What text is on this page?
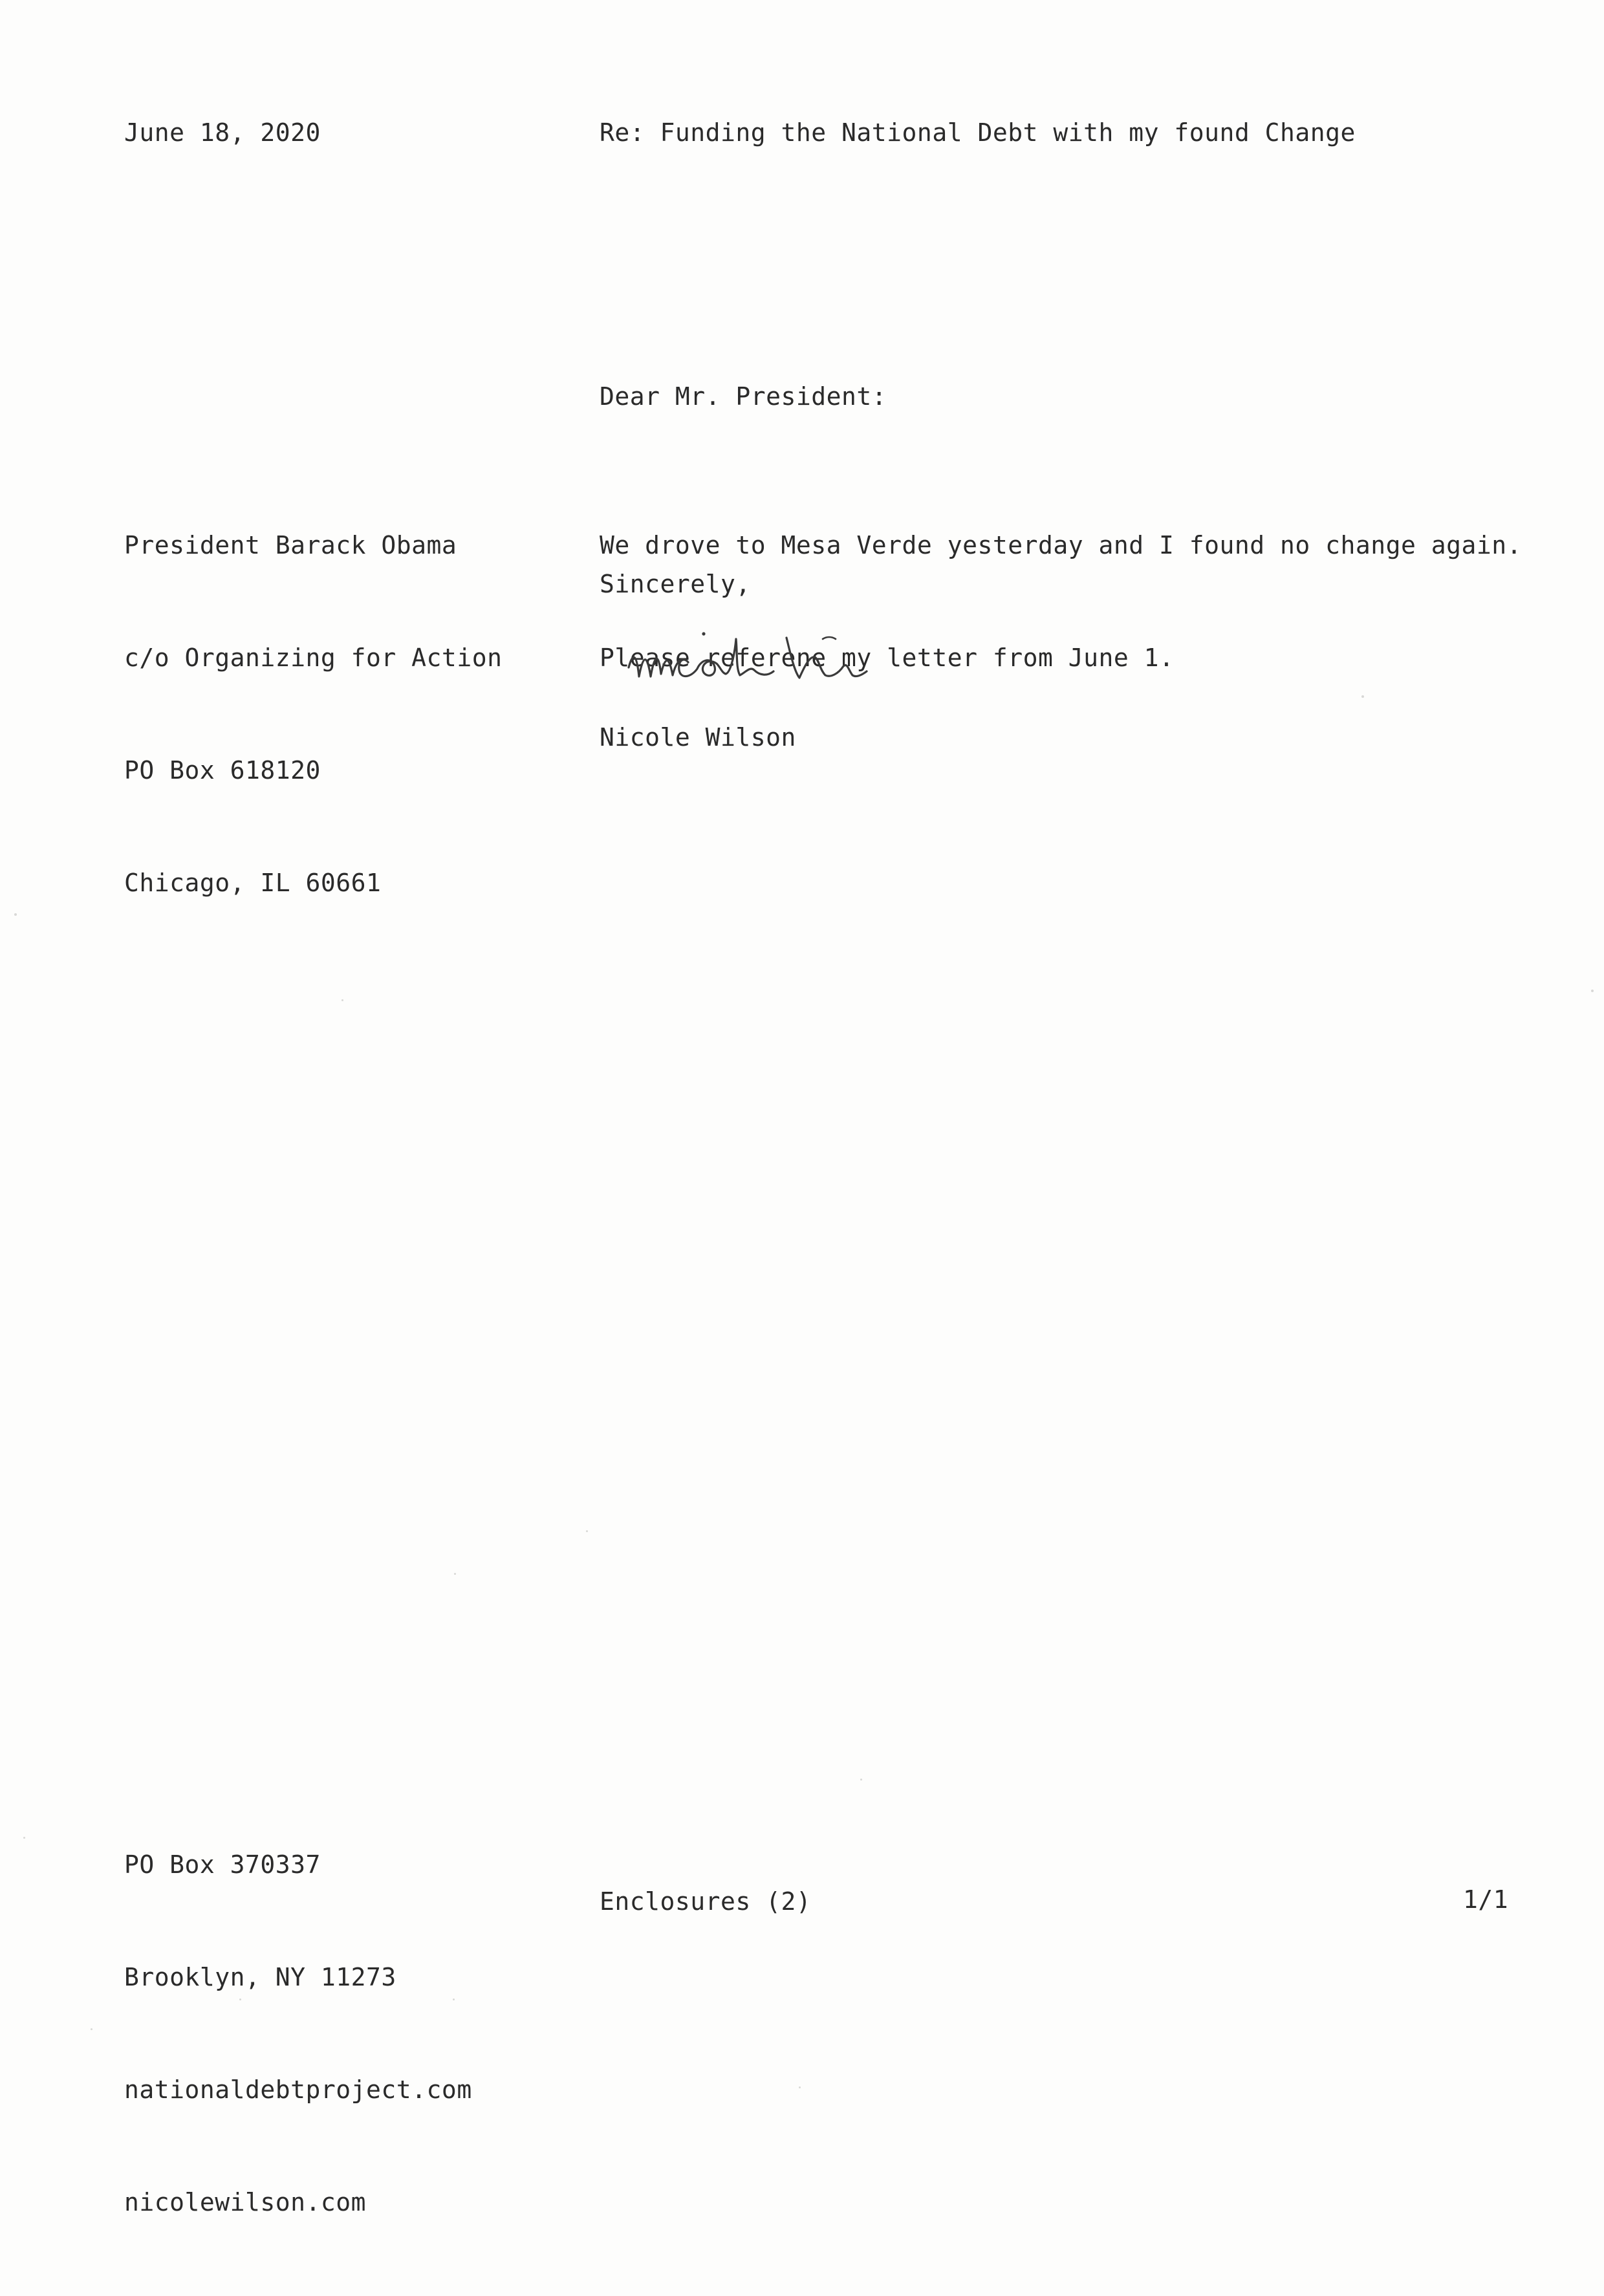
June 18, 2020	Re: Funding the National Debt with my found Change
Dear Mr. President:

President Barack Obama

c/o Organizing for Action

PO Box 618120

Chicago, IL 60661

We drove to Mesa Verde yesterday and I found no change again.

Please referene my letter from June 1.

Sincerely,
Nicole Wilson

PO Box 370337

Brooklyn, NY 11273

nationaldebtproject.com

nicolewilson.com

Enclosures (2)	1/1
